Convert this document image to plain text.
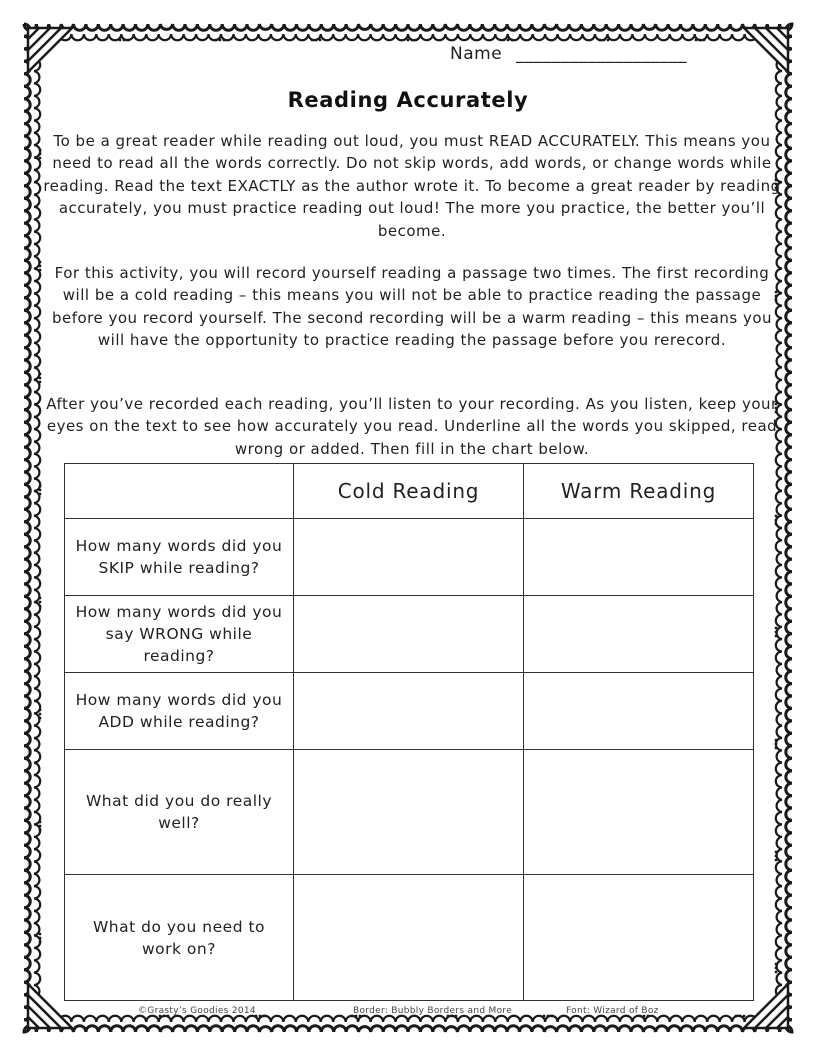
Name ___________________
Reading Accurately
To be a great reader while reading out loud, you must READ ACCURATELY. This means you need to read all the words correctly. Do not skip words, add words, or change words while reading. Read the text EXACTLY as the author wrote it. To become a great reader by reading accurately, you must practice reading out loud! The more you practice, the better you’ll become.
For this activity, you will record yourself reading a passage two times. The first recording will be a cold reading – this means you will not be able to practice reading the passage before you record yourself. The second recording will be a warm reading – this means you will have the opportunity to practice reading the passage before you rerecord.
After you’ve recorded each reading, you’ll listen to your recording. As you listen, keep your eyes on the text to see how accurately you read. Underline all the words you skipped, read wrong or added. Then fill in the chart below.
	Cold Reading	Warm Reading
How many words did you SKIP while reading?		
How many words did you say WRONG while reading?		
How many words did you ADD while reading?		
What did you do really well?		
What do you need to work on?		
©Grasty’s Goodies 2014	Border: Bubbly Borders and More	Font: Wizard of Boz
